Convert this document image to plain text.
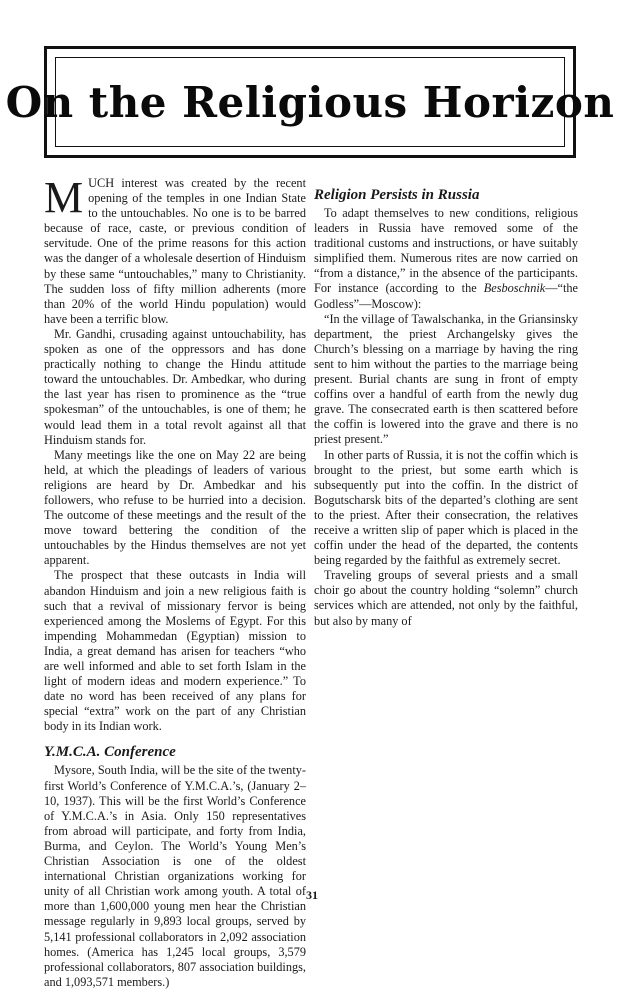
On the Religious Horizon

MUCH interest was created by the recent opening of the temples in one Indian State to the untouchables. No one is to be barred because of race, caste, or previous condition of servitude. One of the prime reasons for this action was the danger of a wholesale desertion of Hinduism by these same “untouchables,” many to Christianity. The sudden loss of fifty million adherents (more than 20% of the world Hindu population) would have been a terrific blow.

Mr. Gandhi, crusading against untouchability, has spoken as one of the oppressors and has done practically nothing to change the Hindu attitude toward the untouchables. Dr. Ambedkar, who during the last year has risen to prominence as the “true spokesman” of the untouchables, is one of them; he would lead them in a total revolt against all that Hinduism stands for.

Many meetings like the one on May 22 are being held, at which the pleadings of leaders of various religions are heard by Dr. Ambedkar and his followers, who refuse to be hurried into a decision. The outcome of these meetings and the result of the move toward bettering the condition of the untouchables by the Hindus themselves are not yet apparent.

The prospect that these outcasts in India will abandon Hinduism and join a new religious faith is such that a revival of missionary fervor is being experienced among the Moslems of Egypt. For this impending Mohammedan (Egyptian) mission to India, a great demand has arisen for teachers “who are well informed and able to set forth Islam in the light of modern ideas and modern experience.” To date no word has been received of any plans for special “extra” work on the part of any Christian body in its Indian work.

Y.M.C.A. Conference

Mysore, South India, will be the site of the twenty-first World’s Conference of Y.M.C.A.’s, (January 2–10, 1937). This will be the first World’s Conference of Y.M.C.A.’s in Asia. Only 150 representatives from abroad will participate, and forty from India, Burma, and Ceylon. The World’s Young Men’s Christian Association is one of the oldest international Christian organizations working for unity of all Christian work among youth. A total of more than 1,600,000 young men hear the Christian message regularly in 9,893 local groups, served by 5,141 professional collaborators in 2,092 association homes. (America has 1,245 local groups, 3,579 professional collaborators, 807 association buildings, and 1,093,571 members.)

Religion Persists in Russia

To adapt themselves to new conditions, religious leaders in Russia have removed some of the traditional customs and instructions, or have suitably simplified them. Numerous rites are now carried on “from a distance,” in the absence of the participants. For instance (according to the Besboschnik—“the Godless”—Moscow):

“In the village of Tawalschanka, in the Griansinsky department, the priest Archangelsky gives the Church’s blessing on a marriage by having the ring sent to him without the parties to the marriage being present. Burial chants are sung in front of empty coffins over a handful of earth from the newly dug grave. The consecrated earth is then scattered before the coffin is lowered into the grave and there is no priest present.”

In other parts of Russia, it is not the coffin which is brought to the priest, but some earth which is subsequently put into the coffin. In the district of Bogutscharsk bits of the departed’s clothing are sent to the priest. After their consecration, the relatives receive a written slip of paper which is placed in the coffin under the head of the departed, the contents being regarded by the faithful as extremely secret.

Traveling groups of several priests and a small choir go about the country holding “solemn” church services which are attended, not only by the faithful, but also by many of

31
